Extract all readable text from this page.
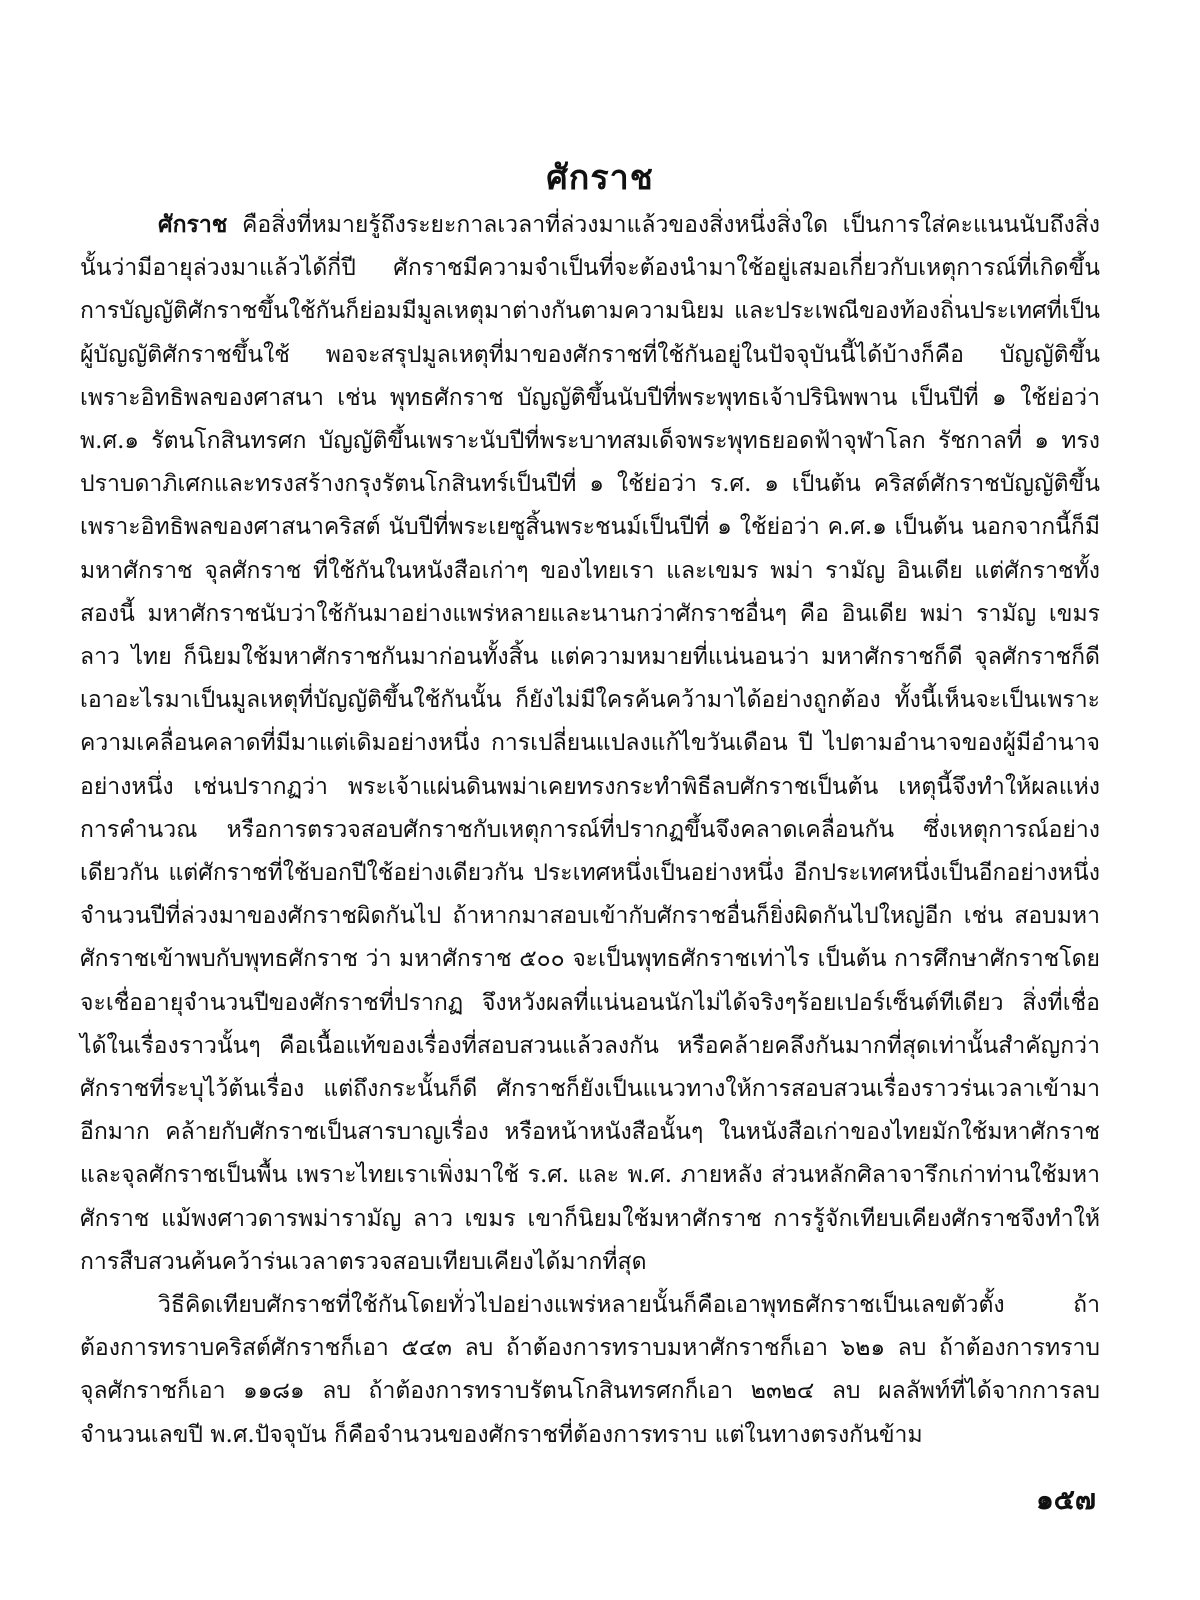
ศักราช

ศักราช คือสิ่งที่หมายรู้ถึงระยะกาลเวลาที่ล่วงมาแล้วของสิ่งหนึ่งสิ่งใด เป็นการใส่คะแนนนับถึงสิ่งนั้นว่ามีอายุล่วงมาแล้วได้กี่ปี ศักราชมีความจำเป็นที่จะต้องนำมาใช้อยู่เสมอเกี่ยวกับเหตุการณ์ที่เกิดขึ้น การบัญญัติศักราชขึ้นใช้กันก็ย่อมมีมูลเหตุมาต่างกันตามความนิยม และประเพณีของท้องถิ่นประเทศที่เป็นผู้บัญญัติศักราชขึ้นใช้ พอจะสรุปมูลเหตุที่มาของศักราชที่ใช้กันอยู่ในปัจจุบันนี้ได้บ้างก็คือ บัญญัติขึ้นเพราะอิทธิพลของศาสนา เช่น พุทธศักราช บัญญัติขึ้นนับปีที่พระพุทธเจ้าปรินิพพาน เป็นปีที่ ๑ ใช้ย่อว่าพ.ศ.๑ รัตนโกสินทรศก บัญญัติขึ้นเพราะนับปีที่พระบาทสมเด็จพระพุทธยอดฟ้าจุฬาโลก รัชกาลที่ ๑ ทรงปราบดาภิเศกและทรงสร้างกรุงรัตนโกสินทร์เป็นปีที่ ๑ ใช้ย่อว่า ร.ศ. ๑ เป็นต้น คริสต์ศักราชบัญญัติขึ้นเพราะอิทธิพลของศาสนาคริสต์ นับปีที่พระเยซูสิ้นพระชนม์เป็นปีที่ ๑ ใช้ย่อว่า ค.ศ.๑ เป็นต้น นอกจากนี้ก็มีมหาศักราช จุลศักราช ที่ใช้กันในหนังสือเก่าๆ ของไทยเรา และเขมร พม่า รามัญ อินเดีย แต่ศักราชทั้งสองนี้ มหาศักราชนับว่าใช้กันมาอย่างแพร่หลายและนานกว่าศักราชอื่นๆ คือ อินเดีย พม่า รามัญ เขมร ลาว ไทย ก็นิยมใช้มหาศักราชกันมาก่อนทั้งสิ้น แต่ความหมายที่แน่นอนว่า มหาศักราชก็ดี จุลศักราชก็ดี เอาอะไรมาเป็นมูลเหตุที่บัญญัติขึ้นใช้กันนั้น ก็ยังไม่มีใครค้นคว้ามาได้อย่างถูกต้อง ทั้งนี้เห็นจะเป็นเพราะความเคลื่อนคลาดที่มีมาแต่เดิมอย่างหนึ่ง การเปลี่ยนแปลงแก้ไขวันเดือน ปี ไปตามอำนาจของผู้มีอำนาจอย่างหนึ่ง เช่นปรากฏว่า พระเจ้าแผ่นดินพม่าเคยทรงกระทำพิธีลบศักราชเป็นต้น เหตุนี้จึงทำให้ผลแห่งการคำนวณ หรือการตรวจสอบศักราชกับเหตุการณ์ที่ปรากฏขึ้นจึงคลาดเคลื่อนกัน ซึ่งเหตุการณ์อย่างเดียวกัน แต่ศักราชที่ใช้บอกปีใช้อย่างเดียวกัน ประเทศหนึ่งเป็นอย่างหนึ่ง อีกประเทศหนึ่งเป็นอีกอย่างหนึ่ง จำนวนปีที่ล่วงมาของศักราชผิดกันไป ถ้าหากมาสอบเข้ากับศักราชอื่นก็ยิ่งผิดกันไปใหญ่อีก เช่น สอบมหาศักราชเข้าพบกับพุทธศักราช ว่า มหาศักราช ๕๐๐ จะเป็นพุทธศักราชเท่าไร เป็นต้น การศึกษาศักราชโดยจะเชื่ออายุจำนวนปีของศักราชที่ปรากฏ จึงหวังผลที่แน่นอนนักไม่ได้จริงๆร้อยเปอร์เซ็นต์ทีเดียว สิ่งที่เชื่อได้ในเรื่องราวนั้นๆ คือเนื้อแท้ของเรื่องที่สอบสวนแล้วลงกัน หรือคล้ายคลึงกันมากที่สุดเท่านั้นสำคัญกว่าศักราชที่ระบุไว้ต้นเรื่อง แต่ถึงกระนั้นก็ดี ศักราชก็ยังเป็นแนวทางให้การสอบสวนเรื่องราวร่นเวลาเข้ามาอีกมาก คล้ายกับศักราชเป็นสารบาญเรื่อง หรือหน้าหนังสือนั้นๆ ในหนังสือเก่าของไทยมักใช้มหาศักราชและจุลศักราชเป็นพื้น เพราะไทยเราเพิ่งมาใช้ ร.ศ. และ พ.ศ. ภายหลัง ส่วนหลักศิลาจารึกเก่าท่านใช้มหาศักราช แม้พงศาวดารพม่ารามัญ ลาว เขมร เขาก็นิยมใช้มหาศักราช การรู้จักเทียบเคียงศักราชจึงทำให้การสืบสวนค้นคว้าร่นเวลาตรวจสอบเทียบเคียงได้มากที่สุด

วิธีคิดเทียบศักราชที่ใช้กันโดยทั่วไปอย่างแพร่หลายนั้นก็คือเอาพุทธศักราชเป็นเลขตัวตั้ง ถ้าต้องการทราบคริสต์ศักราชก็เอา ๕๔๓ ลบ ถ้าต้องการทราบมหาศักราชก็เอา ๖๒๑ ลบ ถ้าต้องการทราบจุลศักราชก็เอา ๑๑๘๑ ลบ ถ้าต้องการทราบรัตนโกสินทรศกก็เอา ๒๓๒๔ ลบ ผลลัพท์ที่ได้จากการลบจำนวนเลขปี พ.ศ.ปัจจุบัน ก็คือจำนวนของศักราชที่ต้องการทราบ แต่ในทางตรงกันข้าม

๑๕๗
